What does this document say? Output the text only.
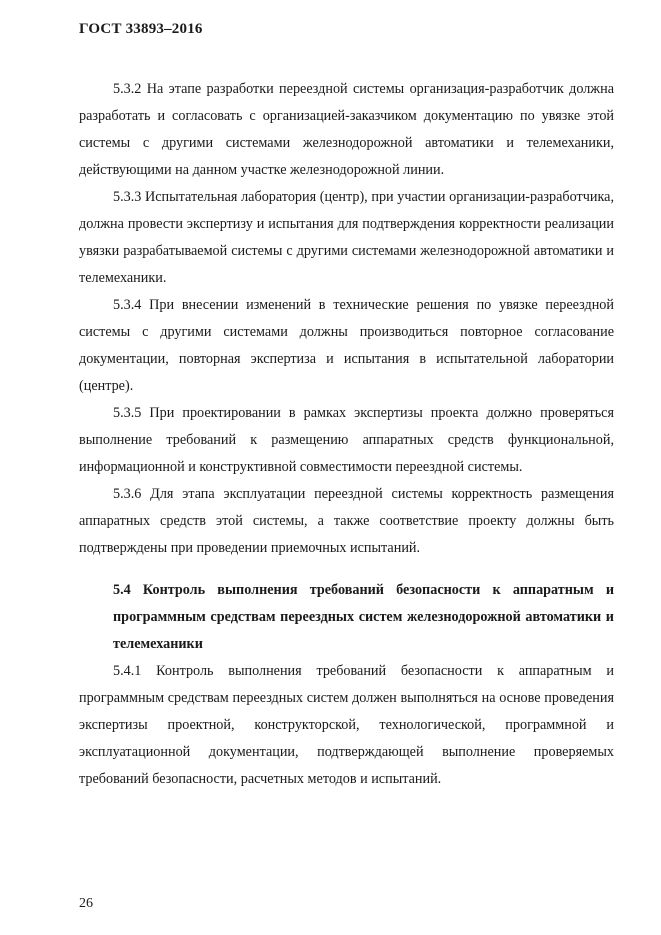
ГОСТ 33893–2016

5.3.2 На этапе разработки переездной системы организация-разработчик должна разработать и согласовать с организацией-заказчиком документацию по увязке этой системы с другими системами железнодорожной автоматики и телемеханики, действующими на данном участке железнодорожной линии.

5.3.3 Испытательная лаборатория (центр), при участии организации-разработчика, должна провести экспертизу и испытания для подтверждения корректности реализации увязки разрабатываемой системы с другими системами железнодорожной автоматики и телемеханики.

5.3.4 При внесении изменений в технические решения по увязке переездной системы с другими системами должны производиться повторное согласование документации, повторная экспертиза и испытания в испытательной лаборатории (центре).

5.3.5 При проектировании в рамках экспертизы проекта должно проверяться выполнение требований к размещению аппаратных средств функциональной, информационной и конструктивной совместимости переездной системы.

5.3.6 Для этапа эксплуатации переездной системы корректность размещения аппаратных средств этой системы, а также соответствие проекту должны быть подтверждены при проведении приемочных испытаний.

5.4 Контроль выполнения требований безопасности к аппаратным и программным средствам переездных систем железнодорожной автоматики и телемеханики

5.4.1 Контроль выполнения требований безопасности к аппаратным и программным средствам переездных систем должен выполняться на основе проведения экспертизы проектной, конструкторской, технологической, программной и эксплуатационной документации, подтверждающей выполнение проверяемых требований безопасности, расчетных методов и испытаний.

26
